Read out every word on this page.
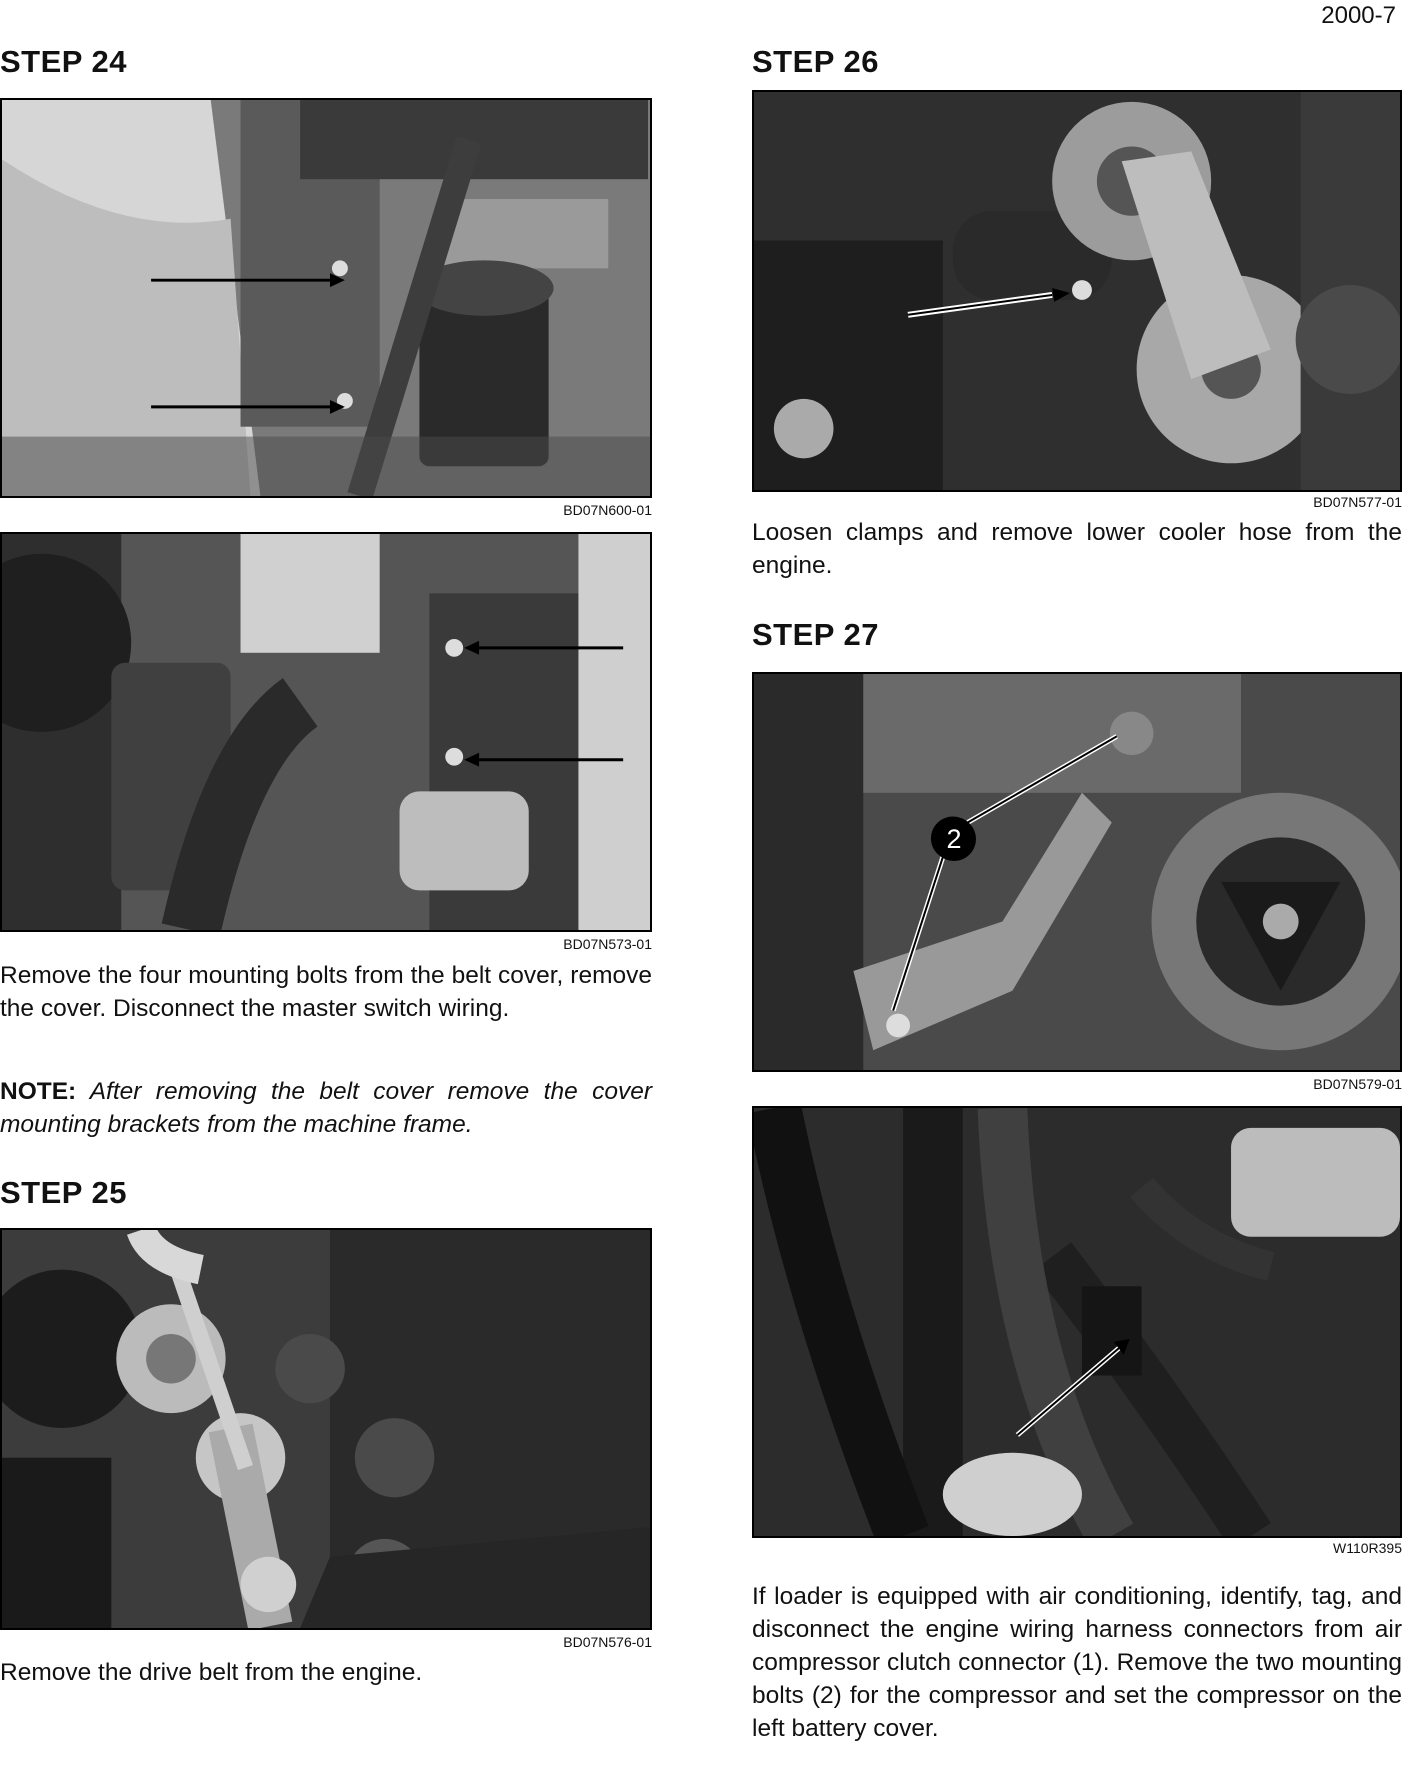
2000-7
STEP 24
BD07N600-01
BD07N573-01
Remove the four mounting bolts from the belt cover, remove the cover. Disconnect the master switch wiring.
NOTE: After removing the belt cover remove the cover mounting brackets from the machine frame.
STEP 25
BD07N576-01
Remove the drive belt from the engine.
STEP 26
BD07N577-01
Loosen clamps and remove lower cooler hose from the engine.
STEP 27
2
BD07N579-01
W110R395
If loader is equipped with air conditioning, identify, tag, and disconnect the engine wiring harness connectors from air compressor clutch connector (1). Remove the two mounting bolts (2) for the compressor and set the compressor on the left battery cover.
